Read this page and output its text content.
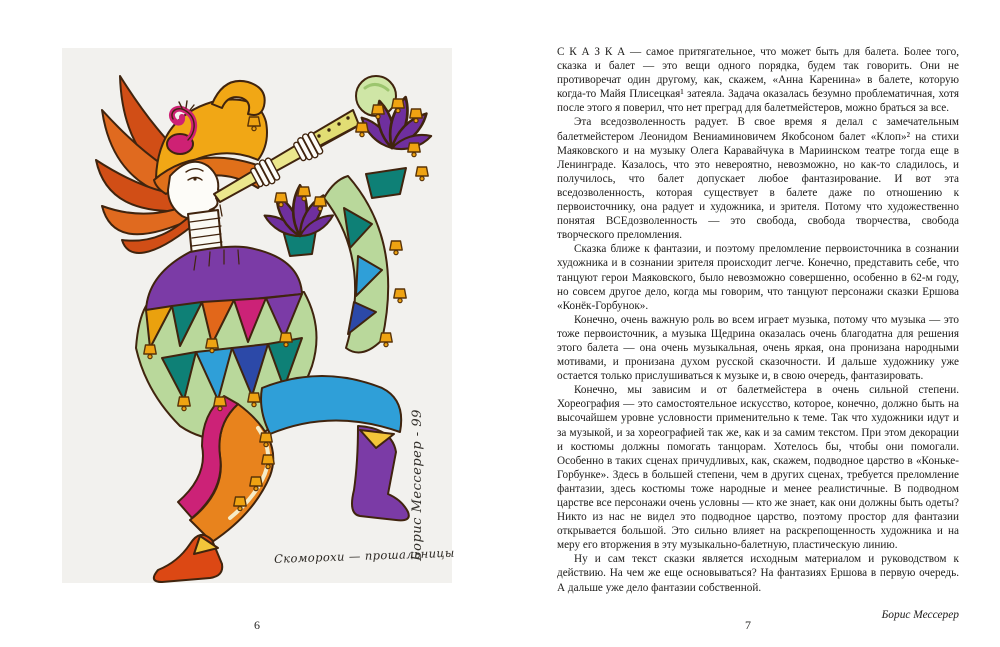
Борис Мессерер - 99
Скоморохи — прошальницы
6

С К А З К А — самое притягательное, что может быть для балета. Более того, сказка и балет — это вещи одного порядка, будем так говорить. Они не противоречат один другому, как, скажем, «Анна Каренина» в балете, которую когда-то Майя Плисецкая¹ затеяла. Задача оказалась безумно проблематичная, хотя после этого я поверил, что нет преград для балетмейстеров, можно браться за все.

Эта вседозволенность радует. В свое время я делал с замечательным балетмейстером Леонидом Вениаминовичем Якобсоном балет «Клоп»² на стихи Маяковского и на музыку Олега Каравайчука в Мариинском театре тогда еще в Ленинграде. Казалось, что это невероятно, невозможно, но как-то сладилось, и получилось, что балет допускает любое фантазирование. И вот эта вседозволенность, которая существует в балете даже по отношению к первоисточнику, она радует и художника, и зрителя. Потому что художественно понятая ВСЕдозволенность — это свобода, свобода творчества, свобода творческого преломления.

Сказка ближе к фантазии, и поэтому преломление первоисточника в сознании художника и в сознании зрителя происходит легче. Конечно, представить себе, что танцуют герои Маяковского, было невозможно совершенно, особенно в 62-м году, но совсем другое дело, когда мы говорим, что танцуют персонажи сказки Ершова «Конёк-Горбунок».

Конечно, очень важную роль во всем играет музыка, потому что музыка — это тоже первоисточник, а музыка Щедрина оказалась очень благодатна для решения этого балета — она очень музыкальная, очень яркая, она пронизана народными мотивами, и пронизана духом русской сказочности. И дальше художнику уже остается только прислушиваться к музыке и, в свою очередь, фантазировать.

Конечно, мы зависим и от балетмейстера в очень сильной степени. Хореография — это самостоятельное искусство, которое, конечно, должно быть на высочайшем уровне условности применительно к теме. Так что художники идут и за музыкой, и за хореографией так же, как и за самим текстом. При этом декорации и костюмы должны помогать танцорам. Хотелось бы, чтобы они помогали. Особенно в таких сценах причудливых, как, скажем, подводное царство в «Коньке-Горбунке». Здесь в большей степени, чем в других сценах, требуется преломление фантазии, здесь костюмы тоже народные и менее реалистичные. В подводном царстве все персонажи очень условны — кто же знает, как они должны быть одеты? Никто из нас не видел это подводное царство, поэтому простор для фантазии открывается большой. Это сильно влияет на раскрепощенность художника и на меру его вторжения в эту музыкально-балетную, пластическую линию.

Ну и сам текст сказки является исходным материалом и руководством к действию. На чем же еще основываться? На фантазиях Ершова в первую очередь. А дальше уже дело фантазии собственной.

Борис Мессерер
7
